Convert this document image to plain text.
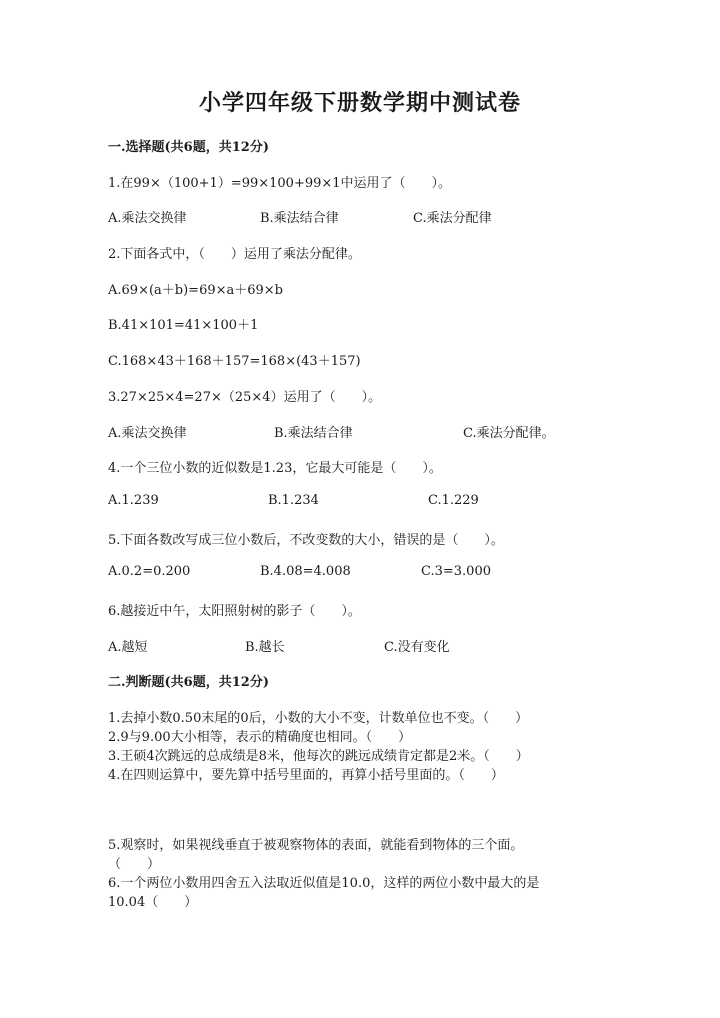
小学四年级下册数学期中测试卷
一.选择题(共6题，共12分)
1.在99×（100+1）=99×100+99×1中运用了（　　）。
A.乘法交换律	B.乘法结合律	C.乘法分配律
2.下面各式中，（　　）运用了乘法分配律。
A.69×(a＋b)=69×a＋69×b
B.41×101=41×100＋1
C.168×43＋168＋157=168×(43＋157)
3.27×25×4=27×（25×4）运用了（　　）。
A.乘法交换律	B.乘法结合律	C.乘法分配律。
4.一个三位小数的近似数是1.23，它最大可能是（　　）。
A.1.239	B.1.234	C.1.229
5.下面各数改写成三位小数后，不改变数的大小，错误的是（　　）。
A.0.2=0.200	B.4.08=4.008	C.3=3.000
6.越接近中午，太阳照射树的影子（　　）。
A.越短	B.越长	C.没有变化
二.判断题(共6题，共12分)
1.去掉小数0.50末尾的0后，小数的大小不变，计数单位也不变。（　　）
2.9与9.00大小相等，表示的精确度也相同。（　　）
3.王硕4次跳远的总成绩是8米，他每次的跳远成绩肯定都是2米。（　　）
4.在四则运算中，要先算中括号里面的，再算小括号里面的。（　　）
5.观察时，如果视线垂直于被观察物体的表面，就能看到物体的三个面。
（　　）
6.一个两位小数用四舍五入法取近似值是10.0，这样的两位小数中最大的是
10.04（　　）
